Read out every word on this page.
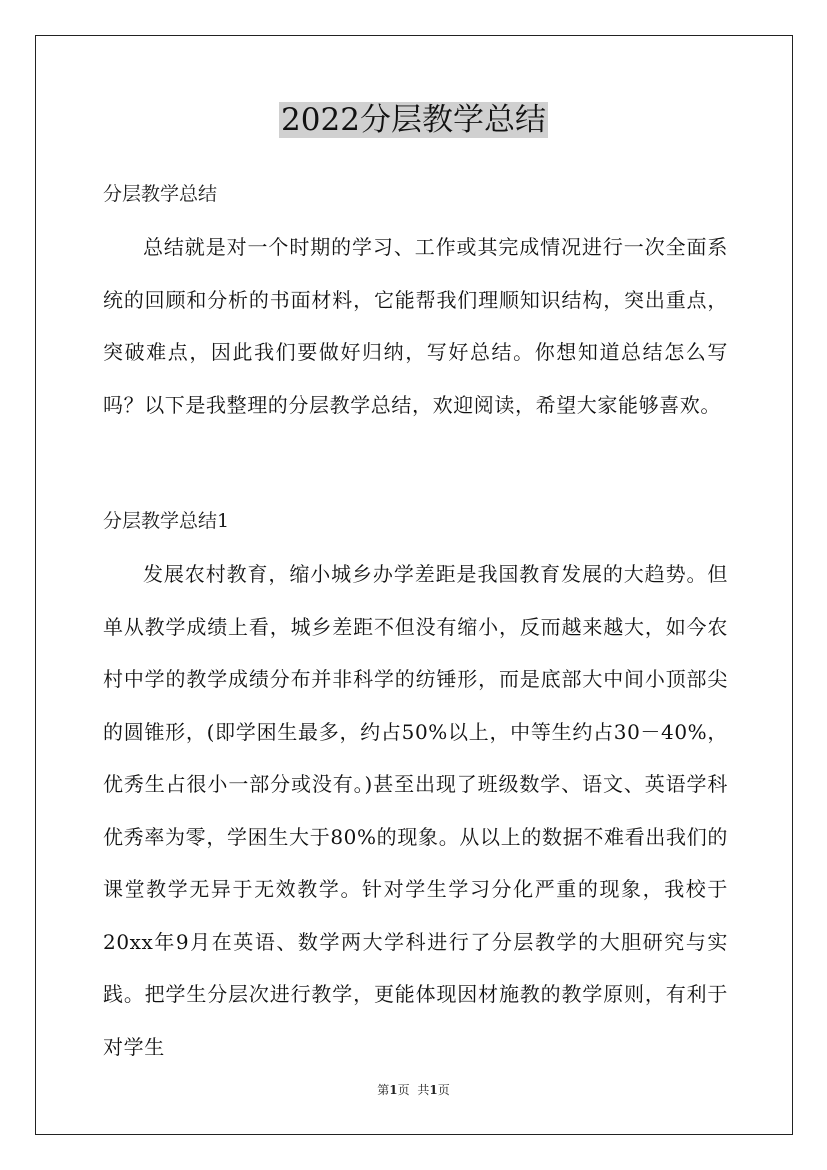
2022分层教学总结
分层教学总结

总结就是对一个时期的学习、工作或其完成情况进行一次全面系统的回顾和分析的书面材料，它能帮我们理顺知识结构，突出重点，突破难点，因此我们要做好归纳，写好总结。你想知道总结怎么写吗？以下是我整理的分层教学总结，欢迎阅读，希望大家能够喜欢。

分层教学总结1

发展农村教育，缩小城乡办学差距是我国教育发展的大趋势。但单从教学成绩上看，城乡差距不但没有缩小，反而越来越大，如今农村中学的教学成绩分布并非科学的纺锤形，而是底部大中间小顶部尖的圆锥形，(即学困生最多，约占50%以上，中等生约占30－40%，优秀生占很小一部分或没有。)甚至出现了班级数学、语文、英语学科优秀率为零，学困生大于80%的现象。从以上的数据不难看出我们的课堂教学无异于无效教学。针对学生学习分化严重的现象，我校于20xx年9月在英语、数学两大学科进行了分层教学的大胆研究与实践。把学生分层次进行教学，更能体现因材施教的教学原则，有利于对学生

第1页 共1页
